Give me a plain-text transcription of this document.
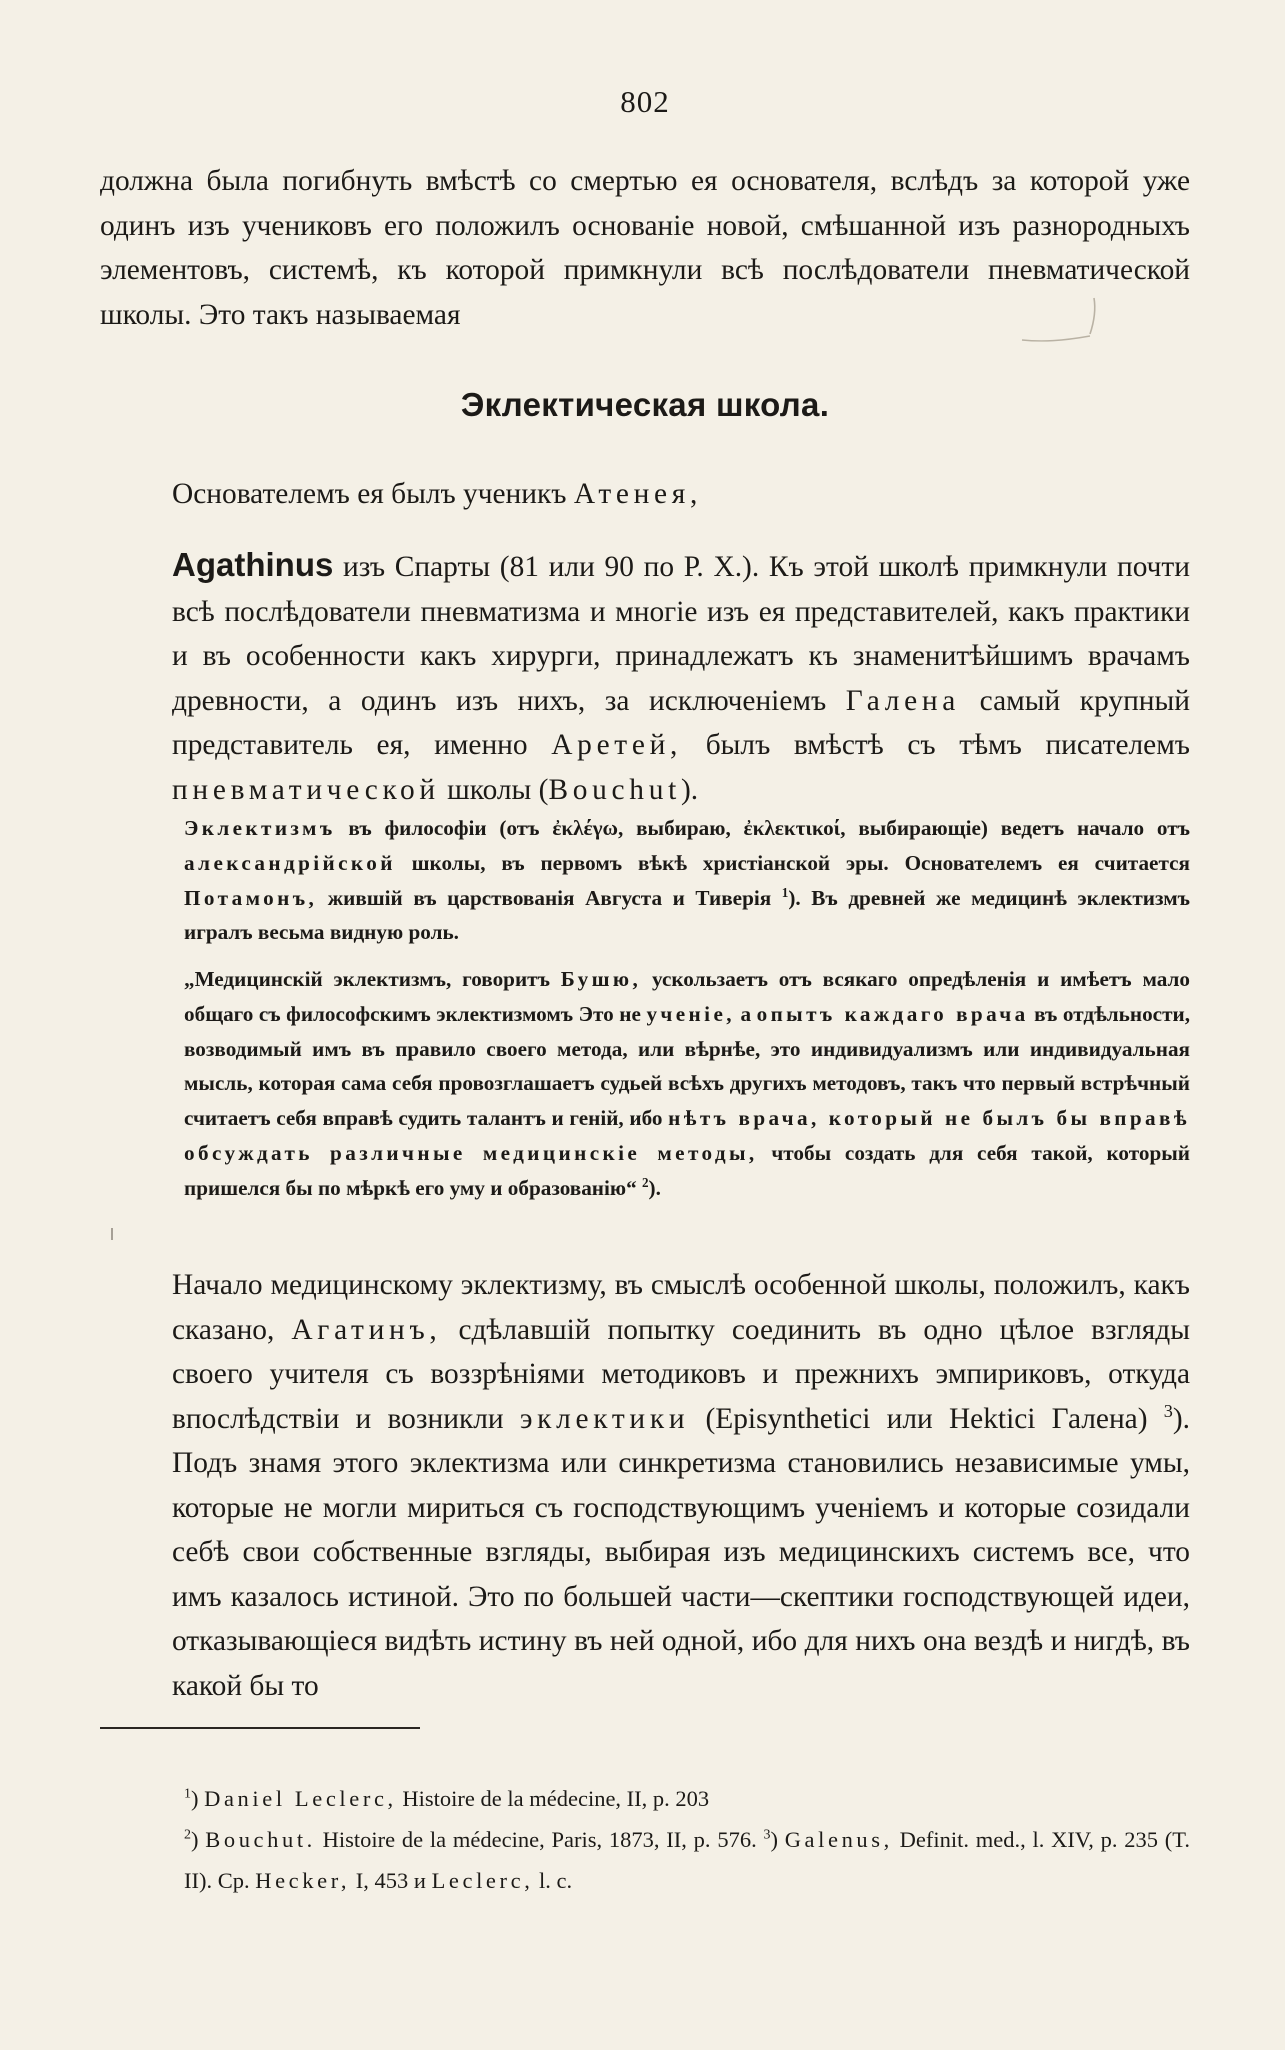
802
должна была погибнуть вмѣстѣ со смертью ея основателя, вслѣдъ за которой уже одинъ изъ учениковъ его положилъ основаніе новой, смѣшанной изъ разнородныхъ элементовъ, системѣ, къ которой примкнули всѣ послѣдователи пневматической школы. Это такъ называемая
Эклектическая школа.
Основателемъ ея былъ ученикъ Атенея,
Agathinus изъ Спарты (81 или 90 по Р. Х.). Къ этой школѣ примкнули почти всѣ послѣдователи пневматизма и многіе изъ ея представителей, какъ практики и въ особенности какъ хирурги, принадлежатъ къ знаменитѣйшимъ врачамъ древности, а одинъ изъ нихъ, за исключеніемъ Галена самый крупный представитель ея, именно Аретей, былъ вмѣстѣ съ тѣмъ писателемъ пневматической школы (Bouchut).
Эклектизмъ въ философіи (отъ ἐκλέγω, выбираю, ἐκλεκτικοί, выбирающіе) ведетъ начало отъ александрійской школы, въ первомъ вѣкѣ христіанской эры. Основателемъ ея считается Потамонъ, жившій въ царствованія Августа и Тиверія $^1$). Въ древней же медицинѣ эклектизмъ игралъ весьма видную роль.
„Медицинскій эклектизмъ, говоритъ Бушю, ускользаетъ отъ всякаго опредѣленія и имѣетъ мало общаго съ философскимъ эклектизмомъ Это не ученіе, а опытъ каждаго врача въ отдѣльности, возводимый имъ въ правило своего метода, или вѣрнѣе, это индивидуализмъ или индивидуальная мысль, которая сама себя провозглашаетъ судьей всѣхъ другихъ методовъ, такъ что первый встрѣчный считаетъ себя вправѣ судить талантъ и геній, ибо нѣтъ врача, который не былъ бы вправѣ обсуждать различные медицинскіе методы, чтобы создать для себя такой, который пришелся бы по мѣркѣ его уму и образованію“ $^2$).
Начало медицинскому эклектизму, въ смыслѣ особенной школы, положилъ, какъ сказано, Агатинъ, сдѣлавшій попытку соединить въ одно цѣлое взгляды своего учителя съ воззрѣніями методиковъ и прежнихъ эмпириковъ, откуда впослѣдствіи и возникли эклектики (Episynthetici или Hektici Галена) $^3$). Подъ знамя этого эклектизма или синкретизма становились независимые умы, которые не могли мириться съ господствующимъ ученіемъ и которые созидали себѣ свои собственные взгляды, выбирая изъ медицинскихъ системъ все, что имъ казалось истиной. Это по большей части—скептики господствующей идеи, отказывающіеся видѣть истину въ ней одной, ибо для нихъ она вездѣ и нигдѣ, въ какой бы то
$^1$) Daniel Leclerc, Histoire de la médecine, II, p. 203
$^2$) Bouchut. Histoire de la médecine, Paris, 1873, II, p. 576. $^3$) Galenus, Definit. med., l. XIV, p. 235 (T. II). Ср. Hecker, I, 453 и Leclerc, l. c.
